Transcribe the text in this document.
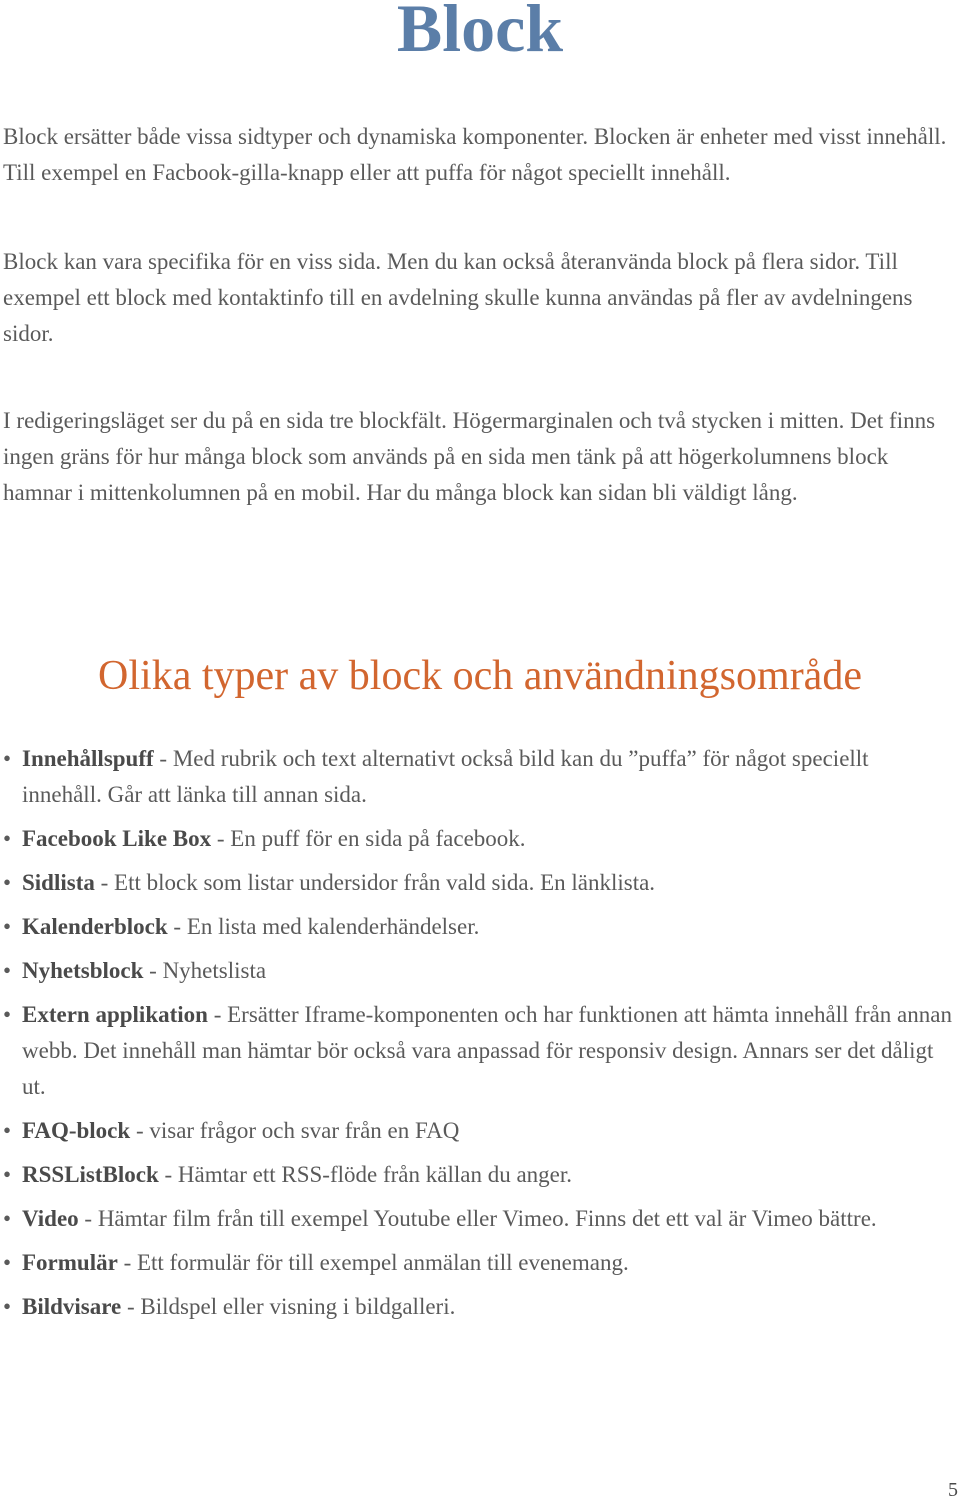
Block

Block ersätter både vissa sidtyper och dynamiska komponenter. Blocken är enheter med visst innehåll. Till exempel en Facbook-gilla-knapp eller att puffa för något speciellt innehåll.

Block kan vara specifika för en viss sida. Men du kan också återanvända block på flera sidor. Till exempel ett block med kontaktinfo till en avdelning skulle kunna användas på fler av avdelningens sidor.

I redigeringsläget ser du på en sida tre blockfält. Högermarginalen och två stycken i mitten. Det finns ingen gräns för hur många block som används på en sida men tänk på att högerkolumnens block hamnar i mittenkolumnen på en mobil. Har du många block kan sidan bli väldigt lång.

Olika typer av block och användningsområde
• Innehållspuff - Med rubrik och text alternativt också bild kan du ”puffa” för något speciellt innehåll. Går att länka till annan sida.
• Facebook Like Box - En puff för en sida på facebook.
• Sidlista - Ett block som listar undersidor från vald sida. En länklista.
• Kalenderblock - En lista med kalenderhändelser.
• Nyhetsblock - Nyhetslista
• Extern applikation - Ersätter Iframe-komponenten och har funktionen att hämta innehåll från annan webb. Det innehåll man hämtar bör också vara anpassad för responsiv design. Annars ser det dåligt ut.
• FAQ-block - visar frågor och svar från en FAQ
• RSSListBlock - Hämtar ett RSS-flöde från källan du anger.
• Video - Hämtar film från till exempel Youtube eller Vimeo. Finns det ett val är Vimeo bättre.
• Formulär - Ett formulär för till exempel anmälan till evenemang.
• Bildvisare - Bildspel eller visning i bildgalleri.
5
